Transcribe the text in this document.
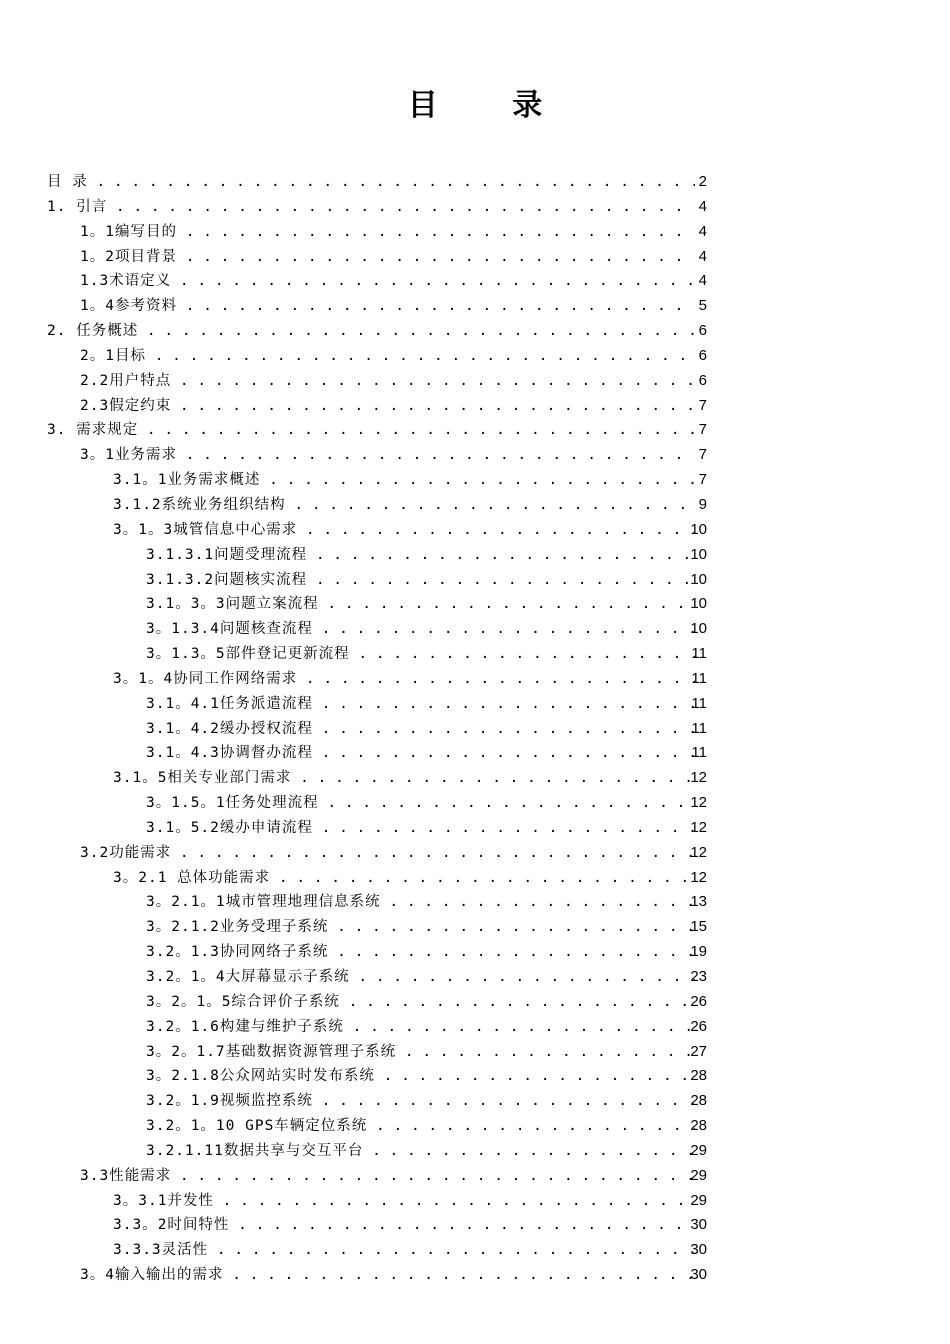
目 录
目 录 . . .	2
1. 引言 . . .	4
1。1编写目的 . . .	4
1。2项目背景 . . .	4
1.3术语定义 . . .	4
1。4参考资料 . . .	5
2. 任务概述 . . .	6
2。1目标 . . .	6
2.2用户特点 . . .	6
2.3假定约束 . . .	7
3. 需求规定 . . .	7
3。1业务需求 . . .	7
3.1。1业务需求概述 . . .	7
3.1.2系统业务组织结构 . . .	9
3。1。3城管信息中心需求 . . .	10
3.1.3.1问题受理流程 . . .	10
3.1.3.2问题核实流程 . . .	10
3.1。3。3问题立案流程 . . .	10
3。1.3.4问题核查流程 . . .	10
3。1.3。5部件登记更新流程 . . .	11
3。1。4协同工作网络需求 . . .	11
3.1。4.1任务派遣流程 . . .	11
3.1。4.2缓办授权流程 . . .	11
3.1。4.3协调督办流程 . . .	11
3.1。5相关专业部门需求 . . .	12
3。1.5。1任务处理流程 . . .	12
3.1。5.2缓办申请流程 . . .	12
3.2功能需求 . . .	12
3。2.1 总体功能需求 . . .	12
3。2.1。1城市管理地理信息系统 . . .	13
3。2.1.2业务受理子系统 . . .	15
3.2。1.3协同网络子系统 . . .	19
3.2。1。4大屏幕显示子系统 . . .	23
3。2。1。5综合评价子系统 . . .	26
3.2。1.6构建与维护子系统 . . .	26
3。2。1.7基础数据资源管理子系统 . . .	27
3。2.1.8公众网站实时发布系统 . . .	28
3.2。1.9视频监控系统 . . .	28
3.2。1。10 GPS车辆定位系统 . . .	28
3.2.1.11数据共享与交互平台 . . .	29
3.3性能需求 . . .	29
3。3.1并发性 . . .	29
3.3。2时间特性 . . .	30
3.3.3灵活性 . . .	30
3。4输入输出的需求 . . .	30
